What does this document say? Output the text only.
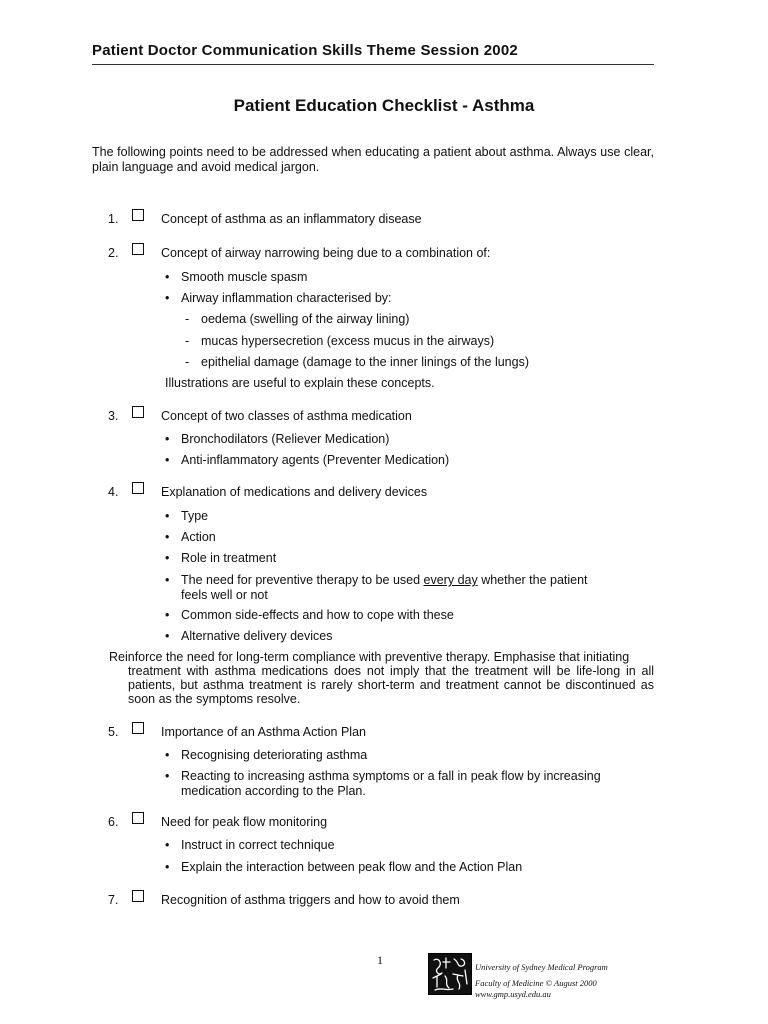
Patient Doctor Communication Skills Theme Session 2002
Patient Education Checklist - Asthma
The following points need to be addressed when educating a patient about asthma. Always use clear, plain language and avoid medical jargon.
1.	Concept of asthma as an inflammatory disease
2.	Concept of airway narrowing being due to a combination of:
• Smooth muscle spasm
• Airway inflammation characterised by:
- oedema (swelling of the airway lining)
- mucas hypersecretion (excess mucus in the airways)
- epithelial damage (damage to the inner linings of the lungs)
Illustrations are useful to explain these concepts.
3.	Concept of two classes of asthma medication
• Bronchodilators (Reliever Medication)
• Anti-inflammatory agents (Preventer Medication)
4.	Explanation of medications and delivery devices
• Type
• Action
• Role in treatment
• The need for preventive therapy to be used every day whether the patient feels well or not
• Common side-effects and how to cope with these
• Alternative delivery devices
Reinforce the need for long-term compliance with preventive therapy. Emphasise that initiating
treatment with asthma medications does not imply that the treatment will be life-long in all patients, but asthma treatment is rarely short-term and treatment cannot be discontinued as soon as the symptoms resolve.
5.	Importance of an Asthma Action Plan
• Recognising deteriorating asthma
• Reacting to increasing asthma symptoms or a fall in peak flow by increasing medication according to the Plan.
6.	Need for peak flow monitoring
• Instruct in correct technique
• Explain the interaction between peak flow and the Action Plan
7.	Recognition of asthma triggers and how to avoid them
1	University of Sydney Medical Program
Faculty of Medicine © August 2000
www.gmp.usyd.edu.au
